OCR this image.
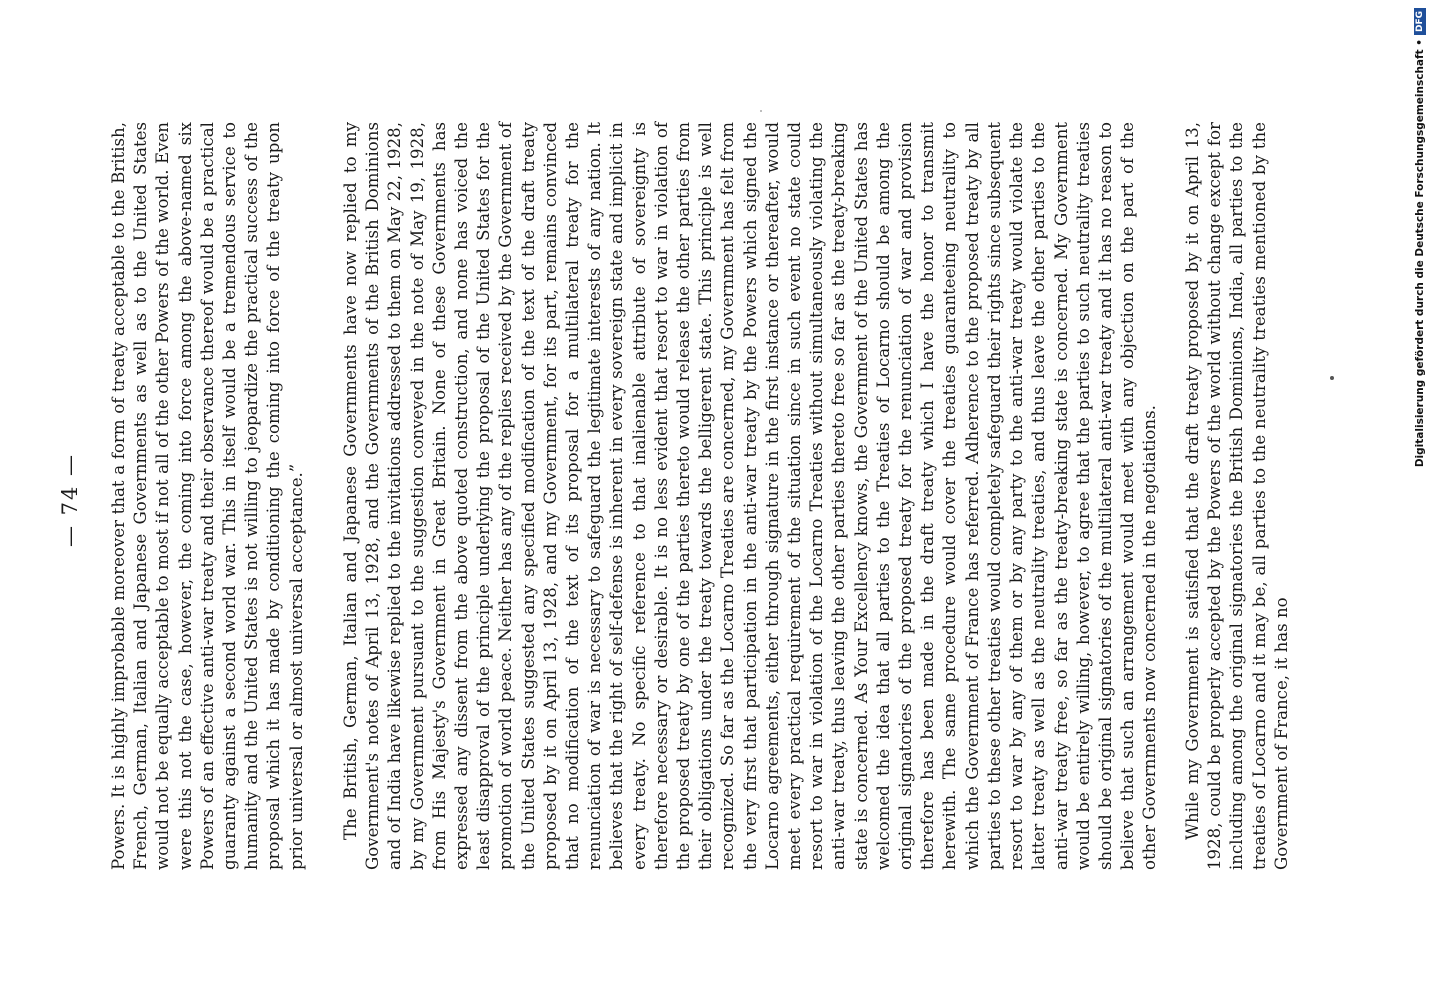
— 74 — Powers. It is highly improbable moreover that a form of treaty acceptable to the British, French, German, Italian and Japanese Governments as well as to the United States would not be equally acceptable to most if not all of the other Powers of the world. Even were this not the case, however, the coming into force among the above-named six Powers of an effective anti-war treaty and their observance thereof would be a practical guaranty against a second world war. This in itself would be a tremendous service to humanity and the United States is not willing to jeopardize the practical success of the proposal which it has made by conditioning the coming into force of the treaty upon prior universal or almost universal acceptance.” The British, German, Italian and Japanese Governments have now replied to my Government's notes of April 13, 1928, and the Governments of the British Dominions and of India have likewise replied to the invitations addressed to them on May 22, 1928, by my Government pursuant to the suggestion conveyed in the note of May 19, 1928, from His Majesty's Government in Great Britain. None of these Governments has expressed any dissent from the above quoted construction, and none has voiced the least disapproval of the principle underlying the proposal of the United States for the promotion of world peace. Neither has any of the replies received by the Government of the United States suggested any specified modification of the text of the draft treaty proposed by it on April 13, 1928, and my Government, for its part, remains convinced that no modification of the text of its proposal for a multilateral treaty for the renunciation of war is necessary to safeguard the legitimate interests of any nation. It believes that the right of self-defense is inherent in every sovereign state and implicit in every treaty. No specific reference to that inalienable attribute of sovereignty is therefore necessary or desirable. It is no less evident that resort to war in violation of the proposed treaty by one of the parties thereto would release the other parties from their obligations under the treaty towards the belligerent state. This principle is well recognized. So far as the Locarno Treaties are concerned, my Government has felt from the very first that participation in the anti-war treaty by the Powers which signed the Locarno agreements, either through signature in the first instance or thereafter, would meet every practical requirement of the situation since in such event no state could resort to war in violation of the Locarno Treaties without simultaneously violating the anti-war treaty, thus leaving the other parties thereto free so far as the treaty-breaking state is concerned. As Your Excellency knows, the Government of the United States has welcomed the idea that all parties to the Treaties of Locarno should be among the original signatories of the proposed treaty for the renunciation of war and provision therefore has been made in the draft treaty which I have the honor to transmit herewith. The same procedure would cover the treaties guaranteeing neutrality to which the Government of France has referred. Adherence to the proposed treaty by all parties to these other treaties would completely safeguard their rights since subsequent resort to war by any of them or by any party to the anti-war treaty would violate the latter treaty as well as the neutrality treaties, and thus leave the other parties to the anti-war treaty free, so far as the treaty-breaking state is concerned. My Government would be entirely willing, however, to agree that the parties to such neutrality treaties should be original signatories of the multilateral anti-war treaty and it has no reason to believe that such an arrangement would meet with any objection on the part of the other Governments now concerned in the negotiations. While my Government is satisfied that the draft treaty proposed by it on April 13, 1928, could be properly accepted by the Powers of the world without change except for including among the original signatories the British Dominions, India, all parties to the treaties of Locarno and it may be, all parties to the neutrality treaties mentioned by the Government of France, it has no

Digitalisierung gefördert durch die Deutsche Forschungsgemeinschaft •
DFG
